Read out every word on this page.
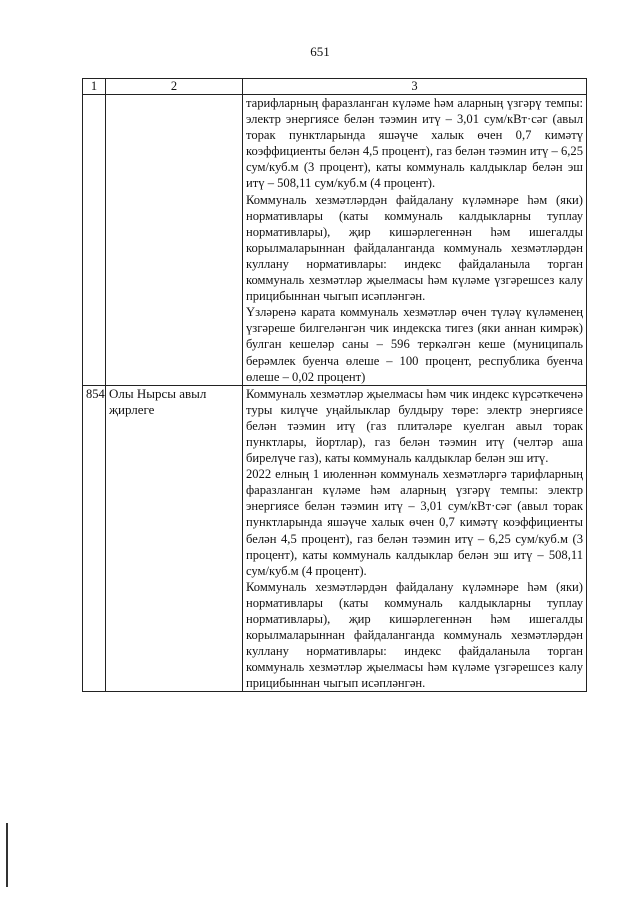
651
1	2	3

		тарифларның фаразланган күләме һәм аларның үзгәрү темпы: электр энергиясе белән тәэмин итү – 3,01 сум/кВт·сәг (авыл торак пунктларында яшәүче халык өчен 0,7 кимәтү коэффициенты белән 4,5 процент), газ белән тәэмин итү – 6,25 сум/куб.м (3 процент), каты коммуналь калдыклар белән эш итү – 508,11 сум/куб.м (4 процент).

Коммуналь хезмәтләрдән файдалану күләмнәре һәм (яки) нормативлары (каты коммуналь калдыкларны туплау нормативлары), җир кишәрлегеннән һәм ишегалды корылмаларыннан файдаланганда коммуналь хезмәтләрдән куллану нормативлары: индекс файдаланыла торган коммуналь хезмәтләр җыелмасы һәм күләме үзгәрешсез калу прицибыннан чыгып исәпләнгән.

Үзләренә карата коммуналь хезмәтләр өчен түләү күләменең үзгәреше билгеләнгән чик индекска тигез (яки аннан кимрәк) булган кешеләр саны – 596 теркәлгән кеше (муниципаль берәмлек буенча өлеше – 100 процент, республика буенча өлеше – 0,02 процент)

854	Олы Нырсы авыл җирлеге	Коммуналь хезмәтләр җыелмасы һәм чик индекс күрсәткеченә туры килүче уңайлыклар булдыру төре: электр энергиясе белән тәэмин итү (газ плитәләре куелган авыл торак пунктлары, йортлар), газ белән тәэмин итү (челтәр аша бирелүче газ), каты коммуналь калдыклар белән эш итү.

2022 елның 1 июленнән коммуналь хезмәтләргә тарифларның фаразланган күләме һәм аларның үзгәрү темпы: электр энергиясе белән тәэмин итү – 3,01 сум/кВт·сәг (авыл торак пунктларында яшәүче халык өчен 0,7 кимәтү коэффициенты белән 4,5 процент), газ белән тәэмин итү – 6,25 сум/куб.м (3 процент), каты коммуналь калдыклар белән эш итү – 508,11 сум/куб.м (4 процент).

Коммуналь хезмәтләрдән файдалану күләмнәре һәм (яки) нормативлары (каты коммуналь калдыкларны туплау нормативлары), җир кишәрлегеннән һәм ишегалды корылмаларыннан файдаланганда коммуналь хезмәтләрдән куллану нормативлары: индекс файдаланыла торган коммуналь хезмәтләр җыелмасы һәм күләме үзгәрешсез калу прицибыннан чыгып исәпләнгән.
